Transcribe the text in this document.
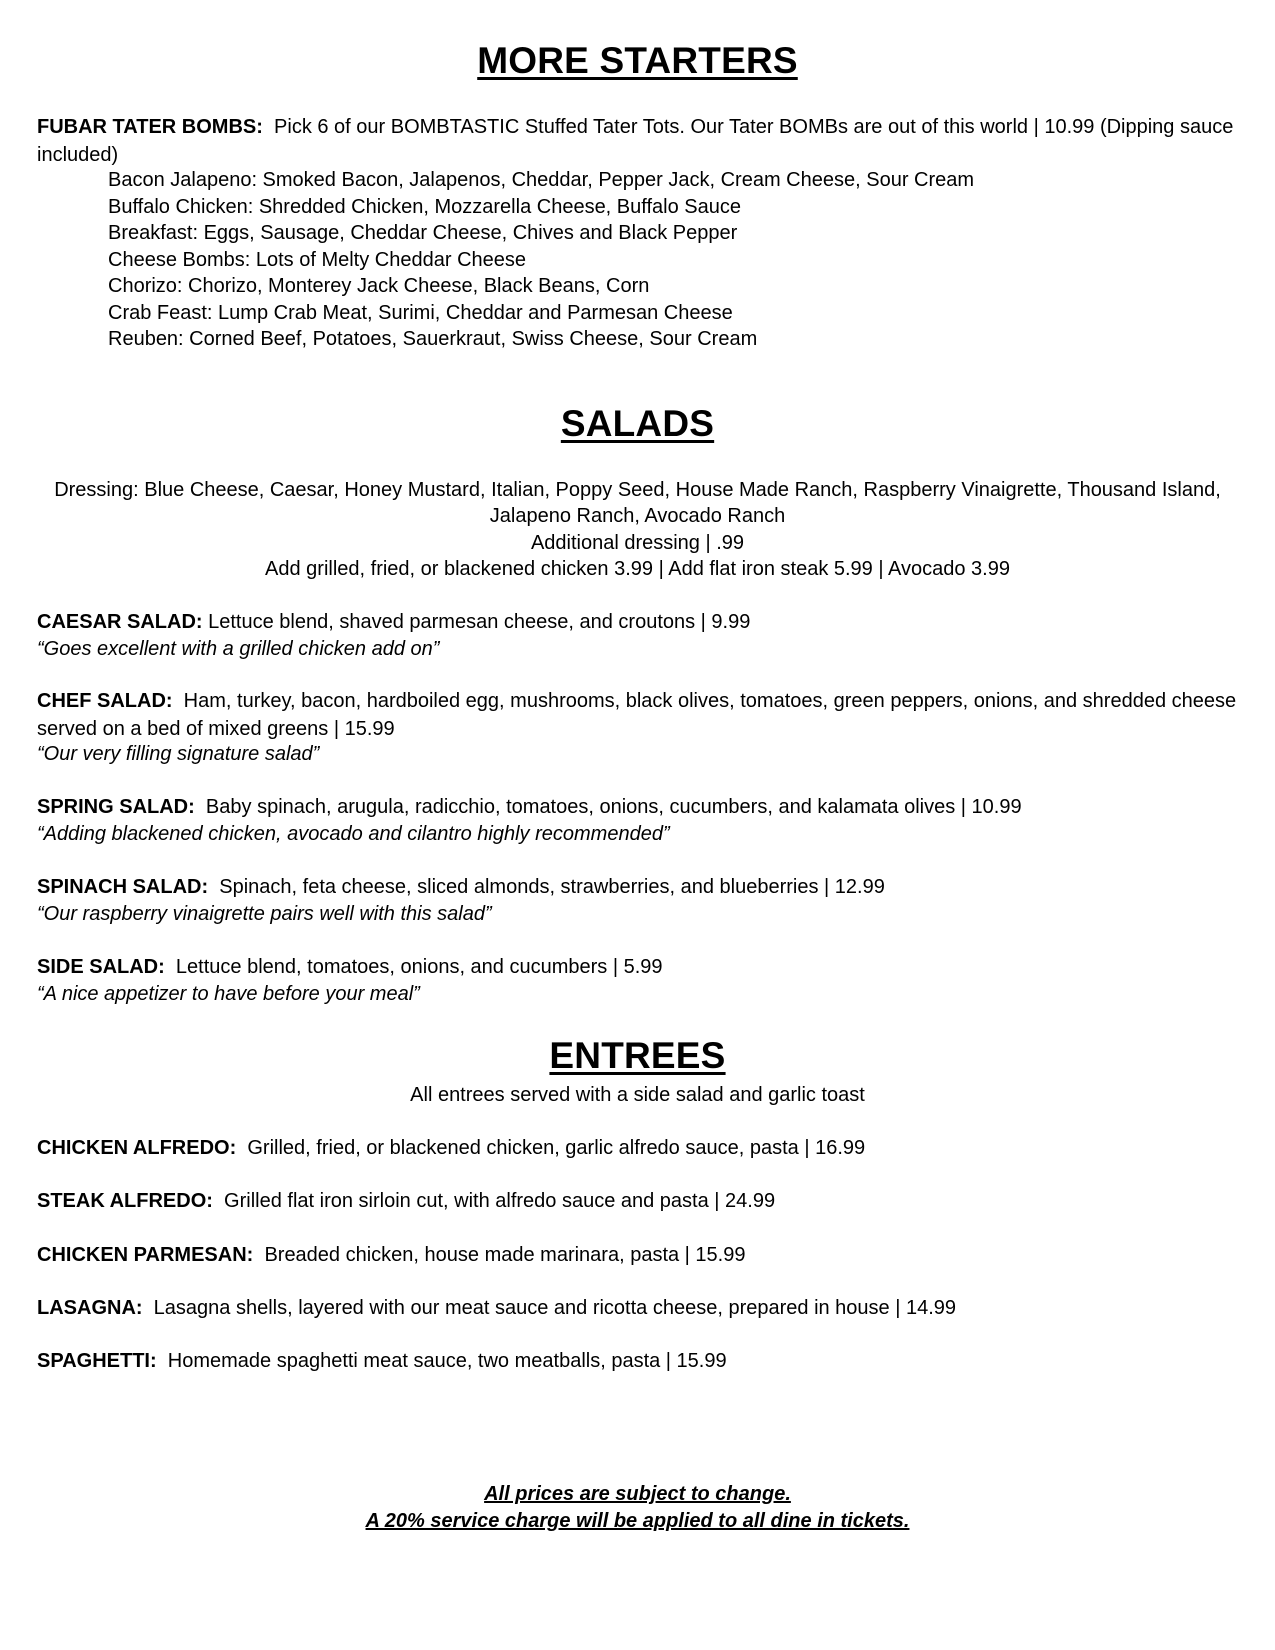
MORE STARTERS
FUBAR TATER BOMBS: Pick 6 of our BOMBTASTIC Stuffed Tater Tots. Our Tater BOMBs are out of this world | 10.99 (Dipping sauce included)
Bacon Jalapeno: Smoked Bacon, Jalapenos, Cheddar, Pepper Jack, Cream Cheese, Sour Cream
Buffalo Chicken: Shredded Chicken, Mozzarella Cheese, Buffalo Sauce
Breakfast: Eggs, Sausage, Cheddar Cheese, Chives and Black Pepper
Cheese Bombs: Lots of Melty Cheddar Cheese
Chorizo: Chorizo, Monterey Jack Cheese, Black Beans, Corn
Crab Feast: Lump Crab Meat, Surimi, Cheddar and Parmesan Cheese
Reuben: Corned Beef, Potatoes, Sauerkraut, Swiss Cheese, Sour Cream
SALADS
Dressing: Blue Cheese, Caesar, Honey Mustard, Italian, Poppy Seed, House Made Ranch, Raspberry Vinaigrette, Thousand Island,
Jalapeno Ranch, Avocado Ranch
Additional dressing | .99
Add grilled, fried, or blackened chicken 3.99 | Add flat iron steak 5.99 | Avocado 3.99
CAESAR SALAD: Lettuce blend, shaved parmesan cheese, and croutons | 9.99
“Goes excellent with a grilled chicken add on”
CHEF SALAD: Ham, turkey, bacon, hardboiled egg, mushrooms, black olives, tomatoes, green peppers, onions, and shredded cheese served on a bed of mixed greens | 15.99
“Our very filling signature salad”
SPRING SALAD: Baby spinach, arugula, radicchio, tomatoes, onions, cucumbers, and kalamata olives | 10.99
“Adding blackened chicken, avocado and cilantro highly recommended”
SPINACH SALAD: Spinach, feta cheese, sliced almonds, strawberries, and blueberries | 12.99
“Our raspberry vinaigrette pairs well with this salad”
SIDE SALAD: Lettuce blend, tomatoes, onions, and cucumbers | 5.99
“A nice appetizer to have before your meal”
ENTREES
All entrees served with a side salad and garlic toast
CHICKEN ALFREDO: Grilled, fried, or blackened chicken, garlic alfredo sauce, pasta | 16.99
STEAK ALFREDO: Grilled flat iron sirloin cut, with alfredo sauce and pasta | 24.99
CHICKEN PARMESAN: Breaded chicken, house made marinara, pasta | 15.99
LASAGNA: Lasagna shells, layered with our meat sauce and ricotta cheese, prepared in house | 14.99
SPAGHETTI: Homemade spaghetti meat sauce, two meatballs, pasta | 15.99
All prices are subject to change.
A 20% service charge will be applied to all dine in tickets.
